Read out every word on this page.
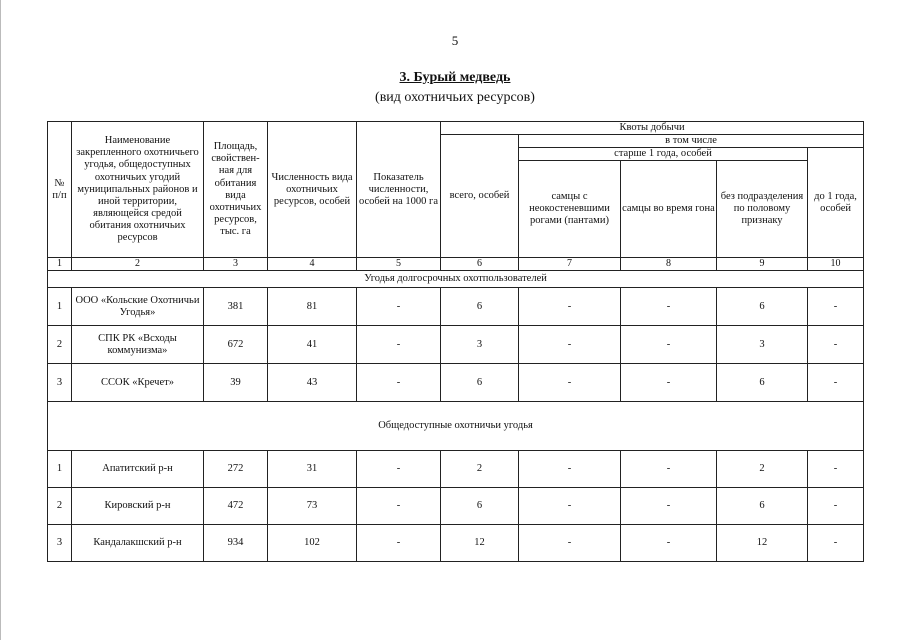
5
3. Бурый медведь
(вид охотничьих ресурсов)
№ п/п	Наименование закрепленного охотничьего угодья, общедоступных охотничьих угодий муниципальных районов и иной территории, являющейся средой обитания охотничьих ресурсов	Площадь, свойствен-ная для обитания вида охотничьих ресурсов, тыс. га	Численность вида охотничьих ресурсов, особей	Показатель численности, особей на 1000 га	Квоты добычи				
					всего, особей	в том числе			
						старше 1 года, особей			до 1 года, особей
						самцы с неокостеневшими рогами (пантами)	самцы во время гона	без подразделения по половому признаку	
1	2	3	4	5	6	7	8	9	10
Угодья долгосрочных охотпользователей									
1	ООО «Кольские Охотничьи Угодья»	381	81	-	6	-	-	6	-
2	СПК РК «Всходы коммунизма»	672	41	-	3	-	-	3	-
3	ССОК «Кречет»	39	43	-	6	-	-	6	-
Общедоступные охотничьи угодья									
1	Апатитский р-н	272	31	-	2	-	-	2	-
2	Кировский р-н	472	73	-	6	-	-	6	-
3	Кандалакшский р-н	934	102	-	12	-	-	12	-
